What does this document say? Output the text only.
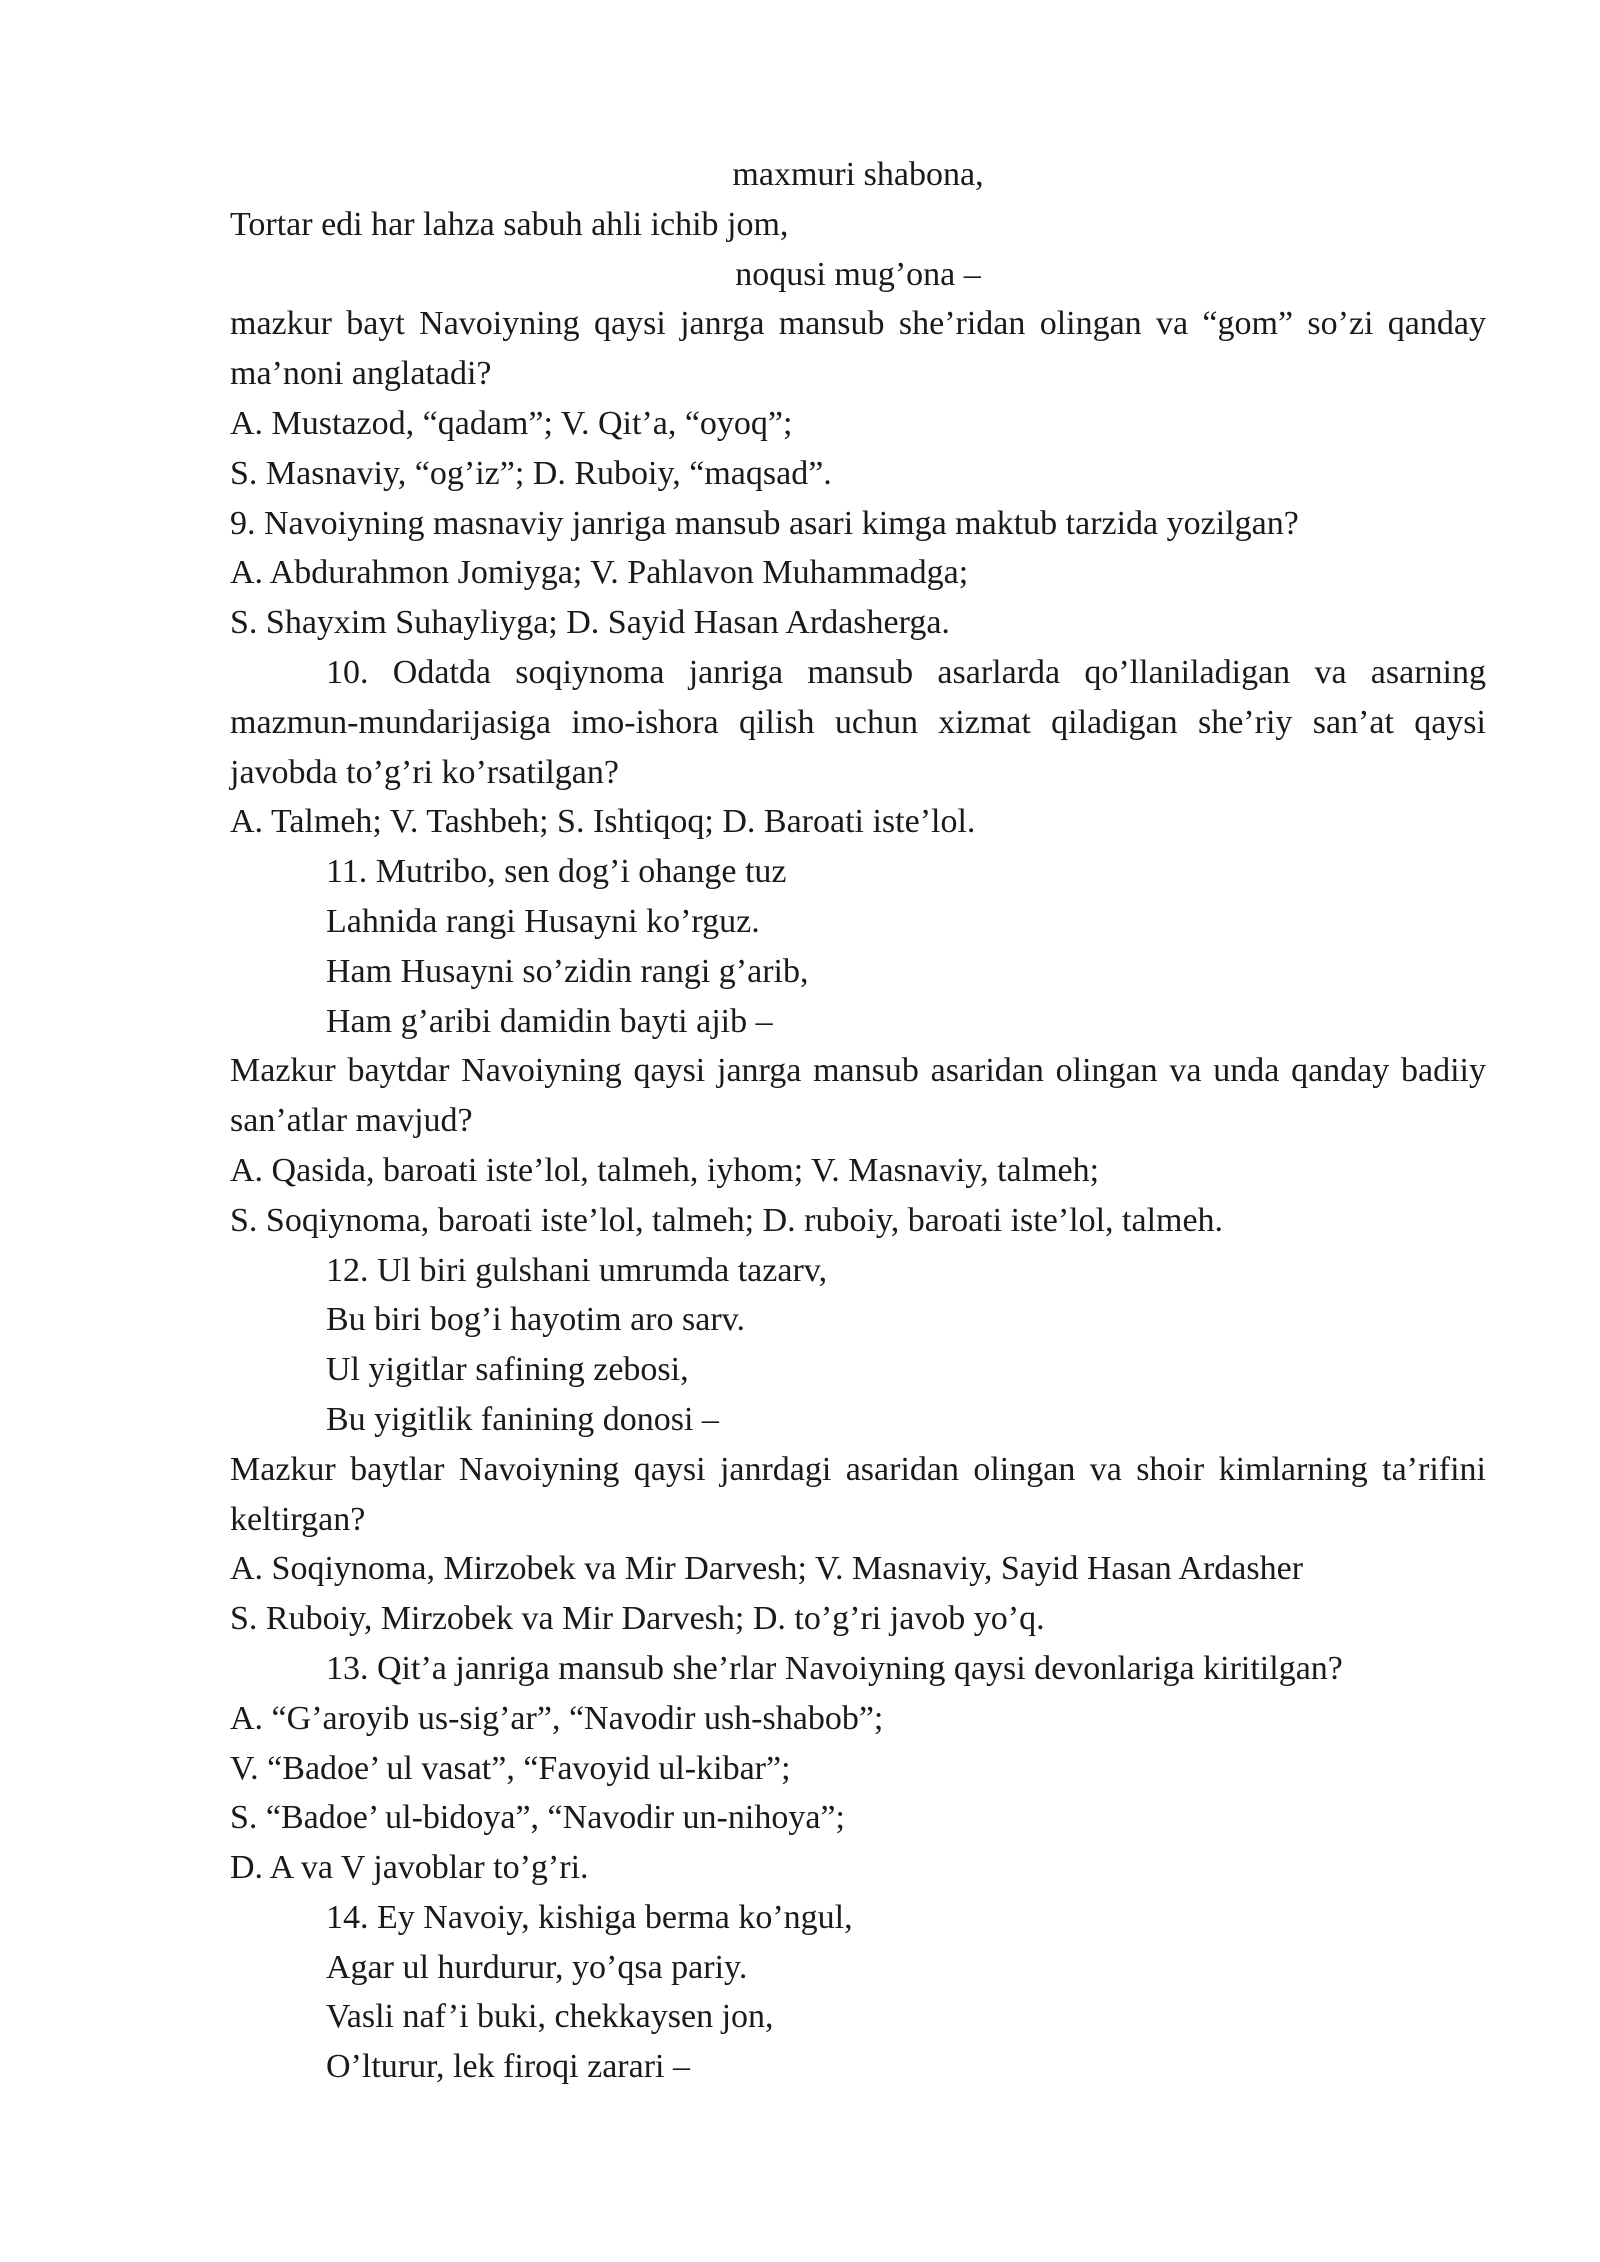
maxmuri shabona,
Tortar edi har lahza sabuh ahli ichib jom,
noqusi mug’ona –

mazkur bayt Navoiyning qaysi janrga mansub she’ridan olingan va “gom” so’zi qanday ma’noni anglatadi?

A. Mustazod, “qadam”; V. Qit’a, “oyoq”;
S. Masnaviy, “og’iz”; D. Ruboiy, “maqsad”.
9. Navoiyning masnaviy janriga mansub asari kimga maktub tarzida yozilgan?
A. Abdurahmon Jomiyga; V. Pahlavon Muhammadga;
S. Shayxim Suhayliyga; D. Sayid Hasan Ardasherga.

10. Odatda soqiynoma janriga mansub asarlarda qo’llaniladigan va asarning mazmun-mundarijasiga imo-ishora qilish uchun xizmat qiladigan she’riy san’at qaysi javobda to’g’ri ko’rsatilgan?

A. Talmeh; V. Tashbeh; S. Ishtiqoq; D. Baroati iste’lol.
11. Mutribo, sen dog’i ohange tuz
Lahnida rangi Husayni ko’rguz.
Ham Husayni so’zidin rangi g’arib,
Ham g’aribi damidin bayti ajib –

Mazkur baytdar Navoiyning qaysi janrga mansub asaridan olingan va unda qanday badiiy san’atlar mavjud?

A. Qasida, baroati iste’lol, talmeh, iyhom; V. Masnaviy, talmeh;
S. Soqiynoma, baroati iste’lol, talmeh; D. ruboiy, baroati iste’lol, talmeh.
12. Ul biri gulshani umrumda tazarv,
Bu biri bog’i hayotim aro sarv.
Ul yigitlar safining zebosi,
Bu yigitlik fanining donosi –

Mazkur baytlar Navoiyning qaysi janrdagi asaridan olingan va shoir kimlarning ta’rifini keltirgan?

A. Soqiynoma, Mirzobek va Mir Darvesh; V. Masnaviy, Sayid Hasan Ardasher
S. Ruboiy, Mirzobek va Mir Darvesh; D. to’g’ri javob yo’q.
13. Qit’a janriga mansub she’rlar Navoiyning qaysi devonlariga kiritilgan?
A. “G’aroyib us-sig’ar”, “Navodir ush-shabob”;
V. “Badoe’ ul vasat”, “Favoyid ul-kibar”;
S. “Badoe’ ul-bidoya”, “Navodir un-nihoya”;
D. A va V javoblar to’g’ri.
14. Ey Navoiy, kishiga berma ko’ngul,
Agar ul hurdurur, yo’qsa pariy.
Vasli naf’i buki, chekkaysen jon,
O’lturur, lek firoqi zarari –
